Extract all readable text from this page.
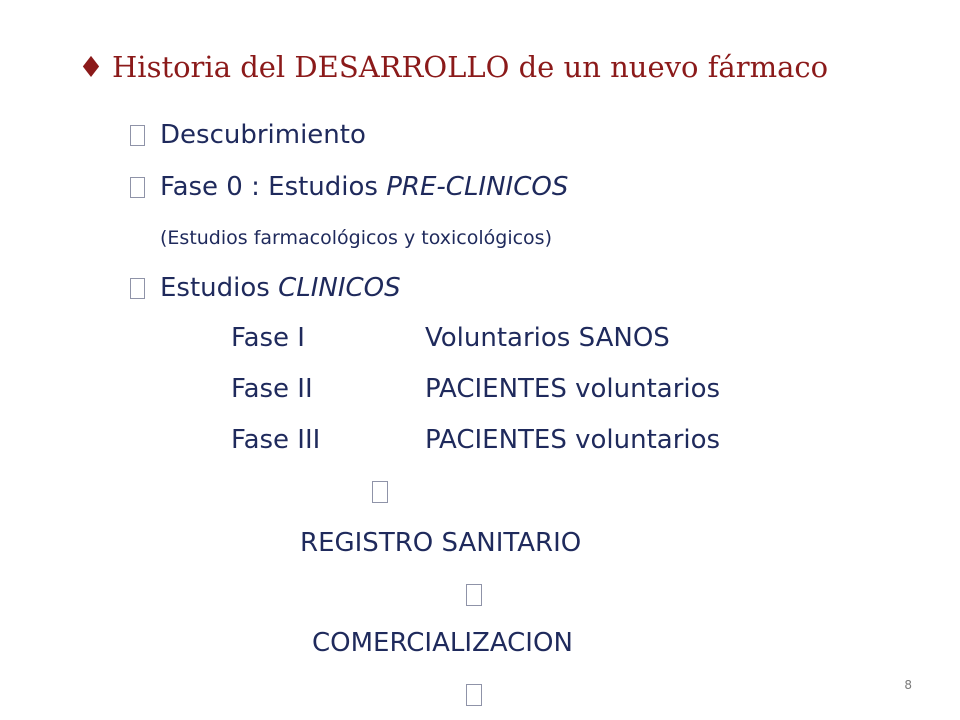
♦ Historia del DESARROLLO de un nuevo fármaco
Descubrimiento
Fase 0 : Estudios PRE-CLINICOS
(Estudios farmacológicos y toxicológicos)
Estudios CLINICOS
Fase I	Voluntarios SANOS
Fase II	PACIENTES voluntarios
Fase III	PACIENTES voluntarios
REGISTRO SANITARIO
COMERCIALIZACION
8
